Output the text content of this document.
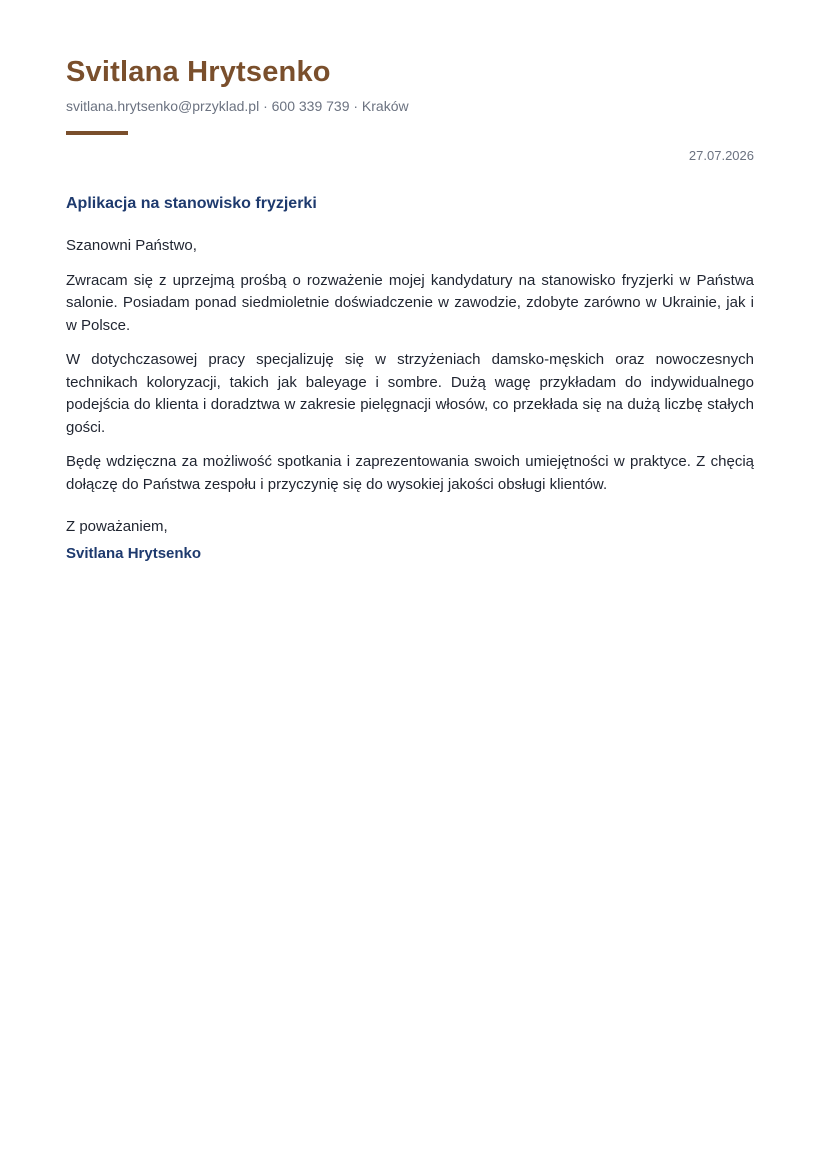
Svitlana Hrytsenko
svitlana.hrytsenko@przyklad.pl · 600 339 739 · Kraków
27.07.2026
Aplikacja na stanowisko fryzjerki

Szanowni Państwo,

Zwracam się z uprzejmą prośbą o rozważenie mojej kandydatury na stanowisko fryzjerki w Państwa salonie. Posiadam ponad siedmioletnie doświadczenie w zawodzie, zdobyte zarówno w Ukrainie, jak i w Polsce.

W dotychczasowej pracy specjalizuję się w strzyżeniach damsko-męskich oraz nowoczesnych technikach koloryzacji, takich jak baleyage i sombre. Dużą wagę przykładam do indywidualnego podejścia do klienta i doradztwa w zakresie pielęgnacji włosów, co przekłada się na dużą liczbę stałych gości.

Będę wdzięczna za możliwość spotkania i zaprezentowania swoich umiejętności w praktyce. Z chęcią dołączę do Państwa zespołu i przyczynię się do wysokiej jakości obsługi klientów.

Z poważaniem,
Svitlana Hrytsenko
